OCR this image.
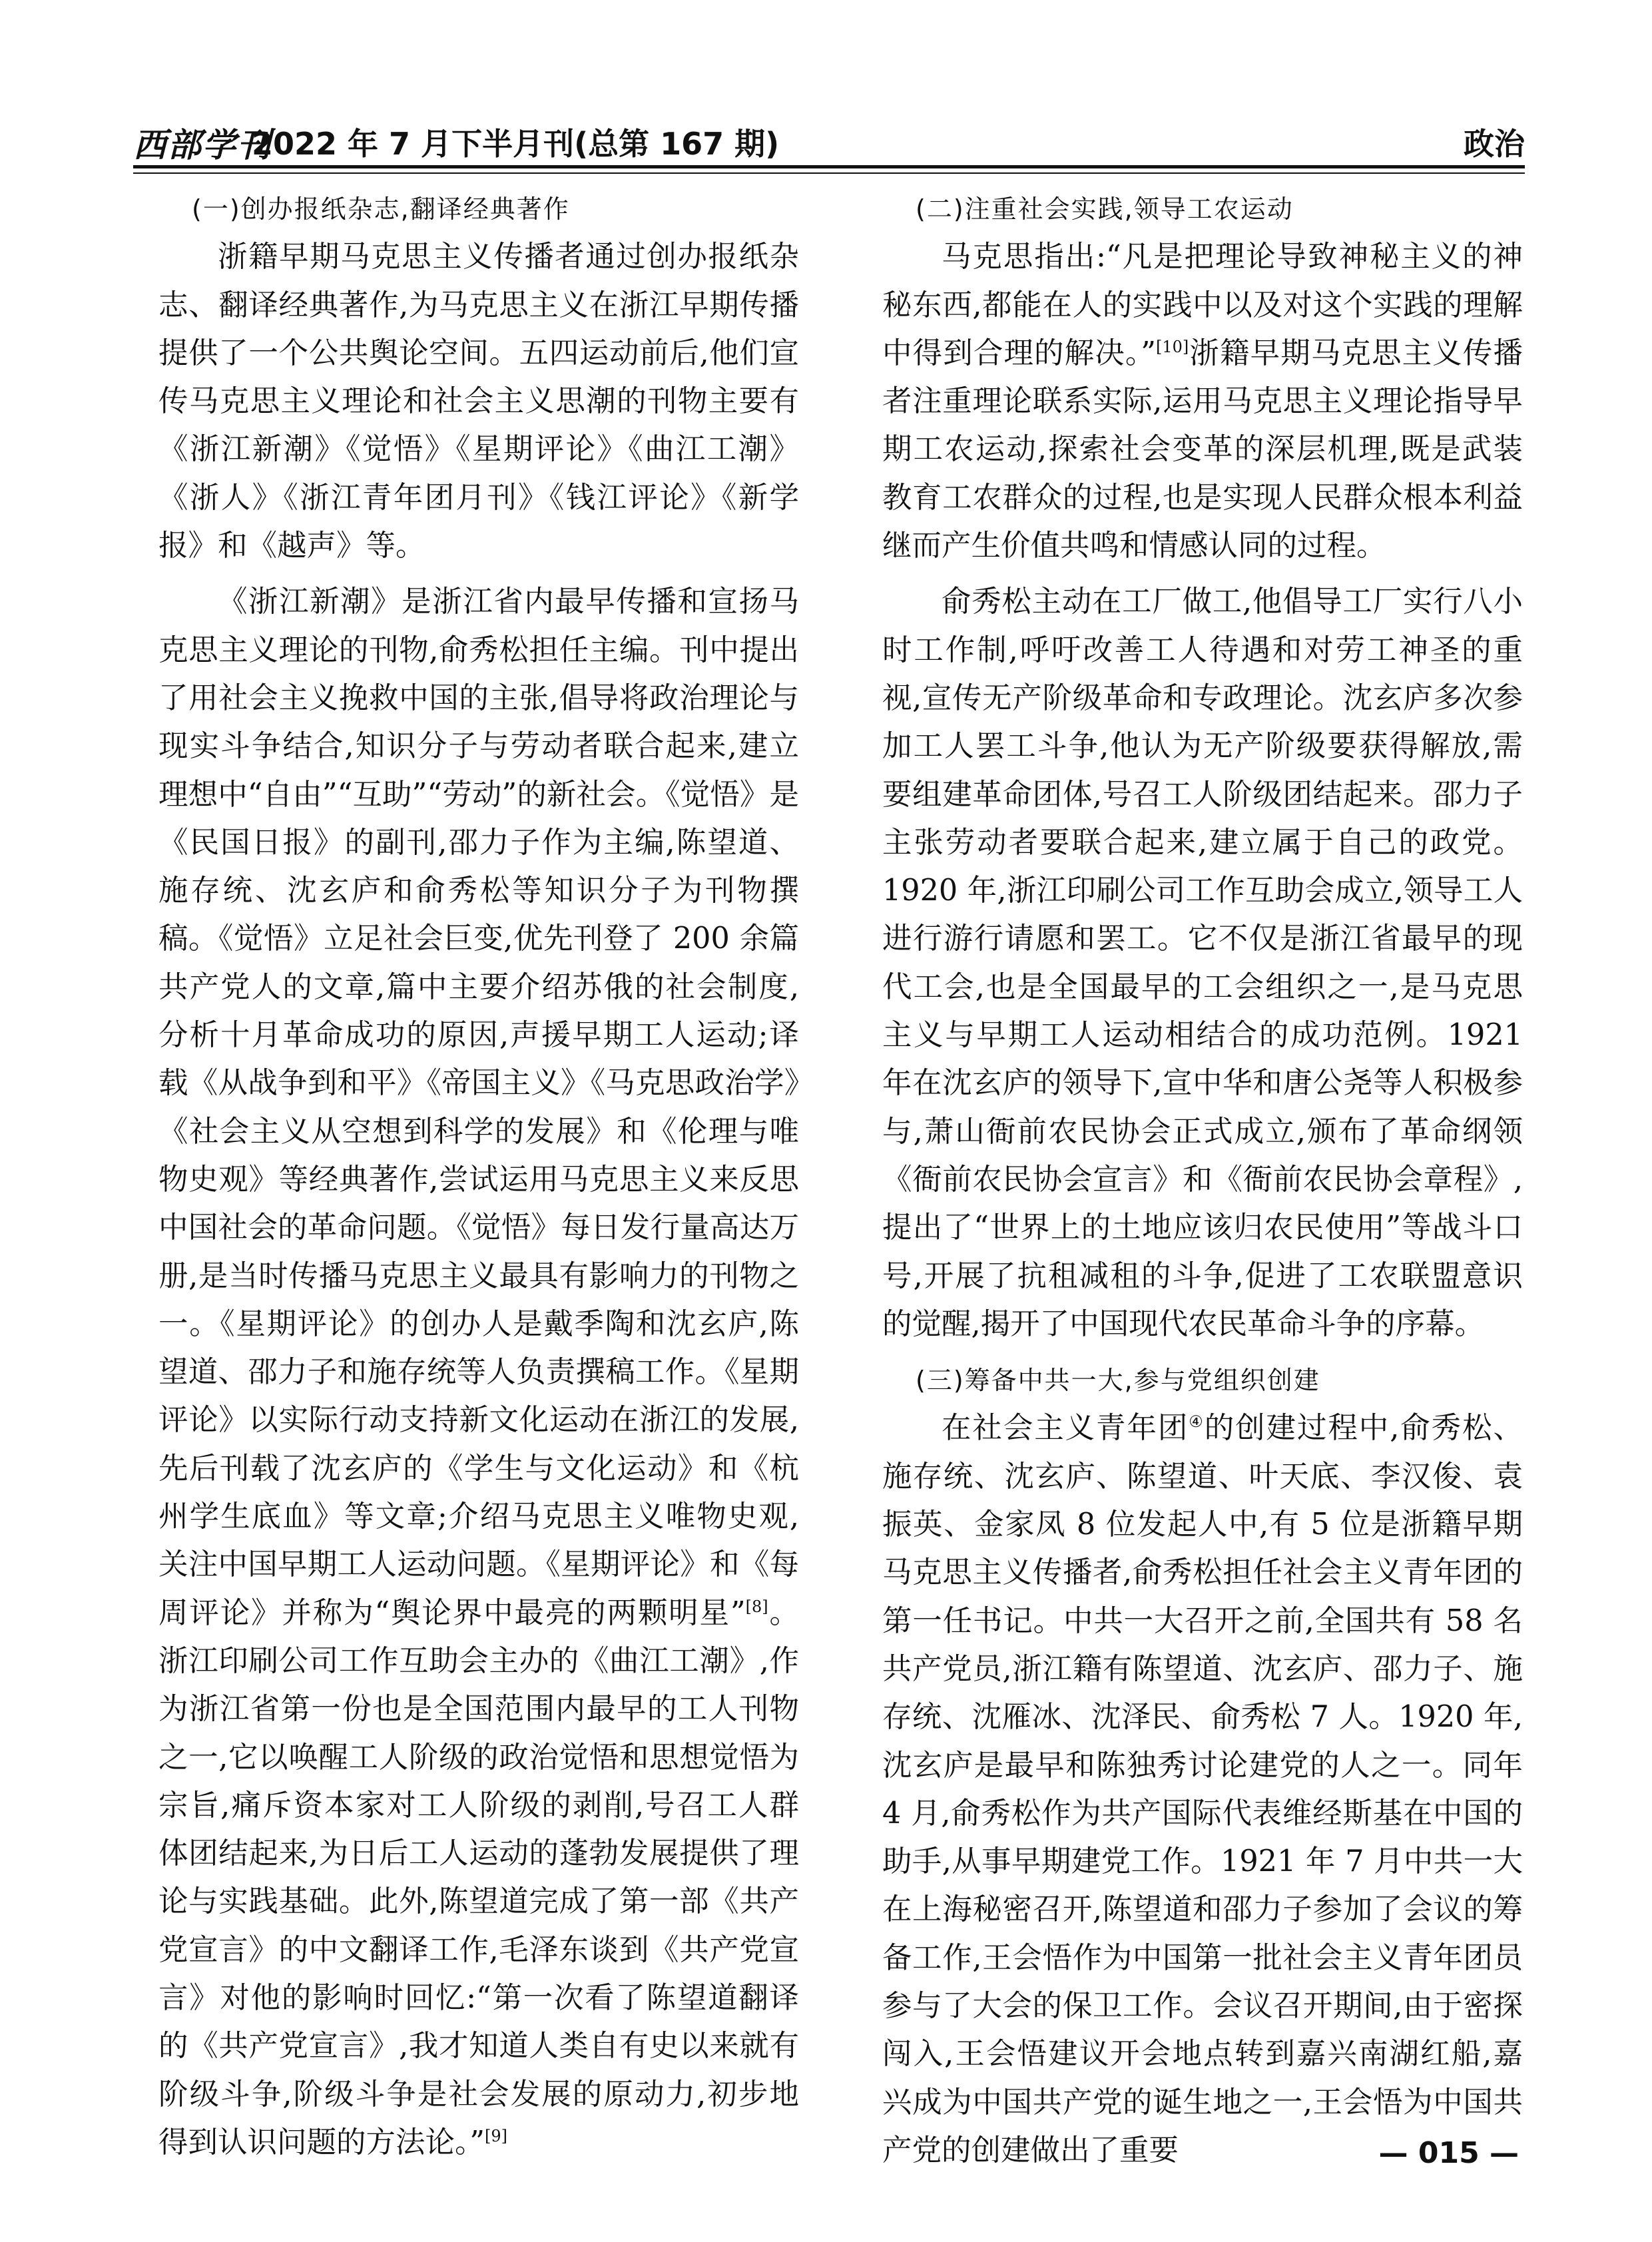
西部学刊
2022 年 7 月下半月刊(总第 167 期)	政治

(一)创办报纸杂志,翻译经典著作

浙籍早期马克思主义传播者通过创办报纸杂志、翻译经典著作,为马克思主义在浙江早期传播提供了一个公共舆论空间。五四运动前后,他们宣传马克思主义理论和社会主义思潮的刊物主要有《浙江新潮》《觉悟》《星期评论》《曲江工潮》《浙人》《浙江青年团月刊》《钱江评论》《新学报》和《越声》等。

《浙江新潮》是浙江省内最早传播和宣扬马克思主义理论的刊物,俞秀松担任主编。刊中提出了用社会主义挽救中国的主张,倡导将政治理论与现实斗争结合,知识分子与劳动者联合起来,建立理想中“自由”“互助”“劳动”的新社会。《觉悟》是《民国日报》的副刊,邵力子作为主编,陈望道、施存统、沈玄庐和俞秀松等知识分子为刊物撰稿。《觉悟》立足社会巨变,优先刊登了 200 余篇共产党人的文章,篇中主要介绍苏俄的社会制度,分析十月革命成功的原因,声援早期工人运动;译载《从战争到和平》《帝国主义》《马克思政治学》《社会主义从空想到科学的发展》和《伦理与唯物史观》等经典著作,尝试运用马克思主义来反思中国社会的革命问题。《觉悟》每日发行量高达万册,是当时传播马克思主义最具有影响力的刊物之一。《星期评论》的创办人是戴季陶和沈玄庐,陈望道、邵力子和施存统等人负责撰稿工作。《星期评论》以实际行动支持新文化运动在浙江的发展,先后刊载了沈玄庐的《学生与文化运动》和《杭州学生底血》等文章;介绍马克思主义唯物史观,关注中国早期工人运动问题。《星期评论》和《每周评论》并称为“舆论界中最亮的两颗明星”[8]。浙江印刷公司工作互助会主办的《曲江工潮》,作为浙江省第一份也是全国范围内最早的工人刊物之一,它以唤醒工人阶级的政治觉悟和思想觉悟为宗旨,痛斥资本家对工人阶级的剥削,号召工人群体团结起来,为日后工人运动的蓬勃发展提供了理论与实践基础。此外,陈望道完成了第一部《共产党宣言》的中文翻译工作,毛泽东谈到《共产党宣言》对他的影响时回忆:“第一次看了陈望道翻译的《共产党宣言》,我才知道人类自有史以来就有阶级斗争,阶级斗争是社会发展的原动力,初步地得到认识问题的方法论。”[9]

(二)注重社会实践,领导工农运动

马克思指出:“凡是把理论导致神秘主义的神秘东西,都能在人的实践中以及对这个实践的理解中得到合理的解决。”[10]浙籍早期马克思主义传播者注重理论联系实际,运用马克思主义理论指导早期工农运动,探索社会变革的深层机理,既是武装教育工农群众的过程,也是实现人民群众根本利益继而产生价值共鸣和情感认同的过程。

俞秀松主动在工厂做工,他倡导工厂实行八小时工作制,呼吁改善工人待遇和对劳工神圣的重视,宣传无产阶级革命和专政理论。沈玄庐多次参加工人罢工斗争,他认为无产阶级要获得解放,需要组建革命团体,号召工人阶级团结起来。邵力子主张劳动者要联合起来,建立属于自己的政党。1920 年,浙江印刷公司工作互助会成立,领导工人进行游行请愿和罢工。它不仅是浙江省最早的现代工会,也是全国最早的工会组织之一,是马克思主义与早期工人运动相结合的成功范例。1921 年在沈玄庐的领导下,宣中华和唐公尧等人积极参与,萧山衙前农民协会正式成立,颁布了革命纲领《衙前农民协会宣言》和《衙前农民协会章程》,提出了“世界上的土地应该归农民使用”等战斗口号,开展了抗租减租的斗争,促进了工农联盟意识的觉醒,揭开了中国现代农民革命斗争的序幕。

(三)筹备中共一大,参与党组织创建

在社会主义青年团④的创建过程中,俞秀松、施存统、沈玄庐、陈望道、叶天底、李汉俊、袁振英、金家凤 8 位发起人中,有 5 位是浙籍早期马克思主义传播者,俞秀松担任社会主义青年团的第一任书记。中共一大召开之前,全国共有 58 名共产党员,浙江籍有陈望道、沈玄庐、邵力子、施存统、沈雁冰、沈泽民、俞秀松 7 人。1920 年,沈玄庐是最早和陈独秀讨论建党的人之一。同年 4 月,俞秀松作为共产国际代表维经斯基在中国的助手,从事早期建党工作。1921 年 7 月中共一大在上海秘密召开,陈望道和邵力子参加了会议的筹备工作,王会悟作为中国第一批社会主义青年团员参与了大会的保卫工作。会议召开期间,由于密探闯入,王会悟建议开会地点转到嘉兴南湖红船,嘉兴成为中国共产党的诞生地之一,王会悟为中国共产党的创建做出了重要	— 015 —
